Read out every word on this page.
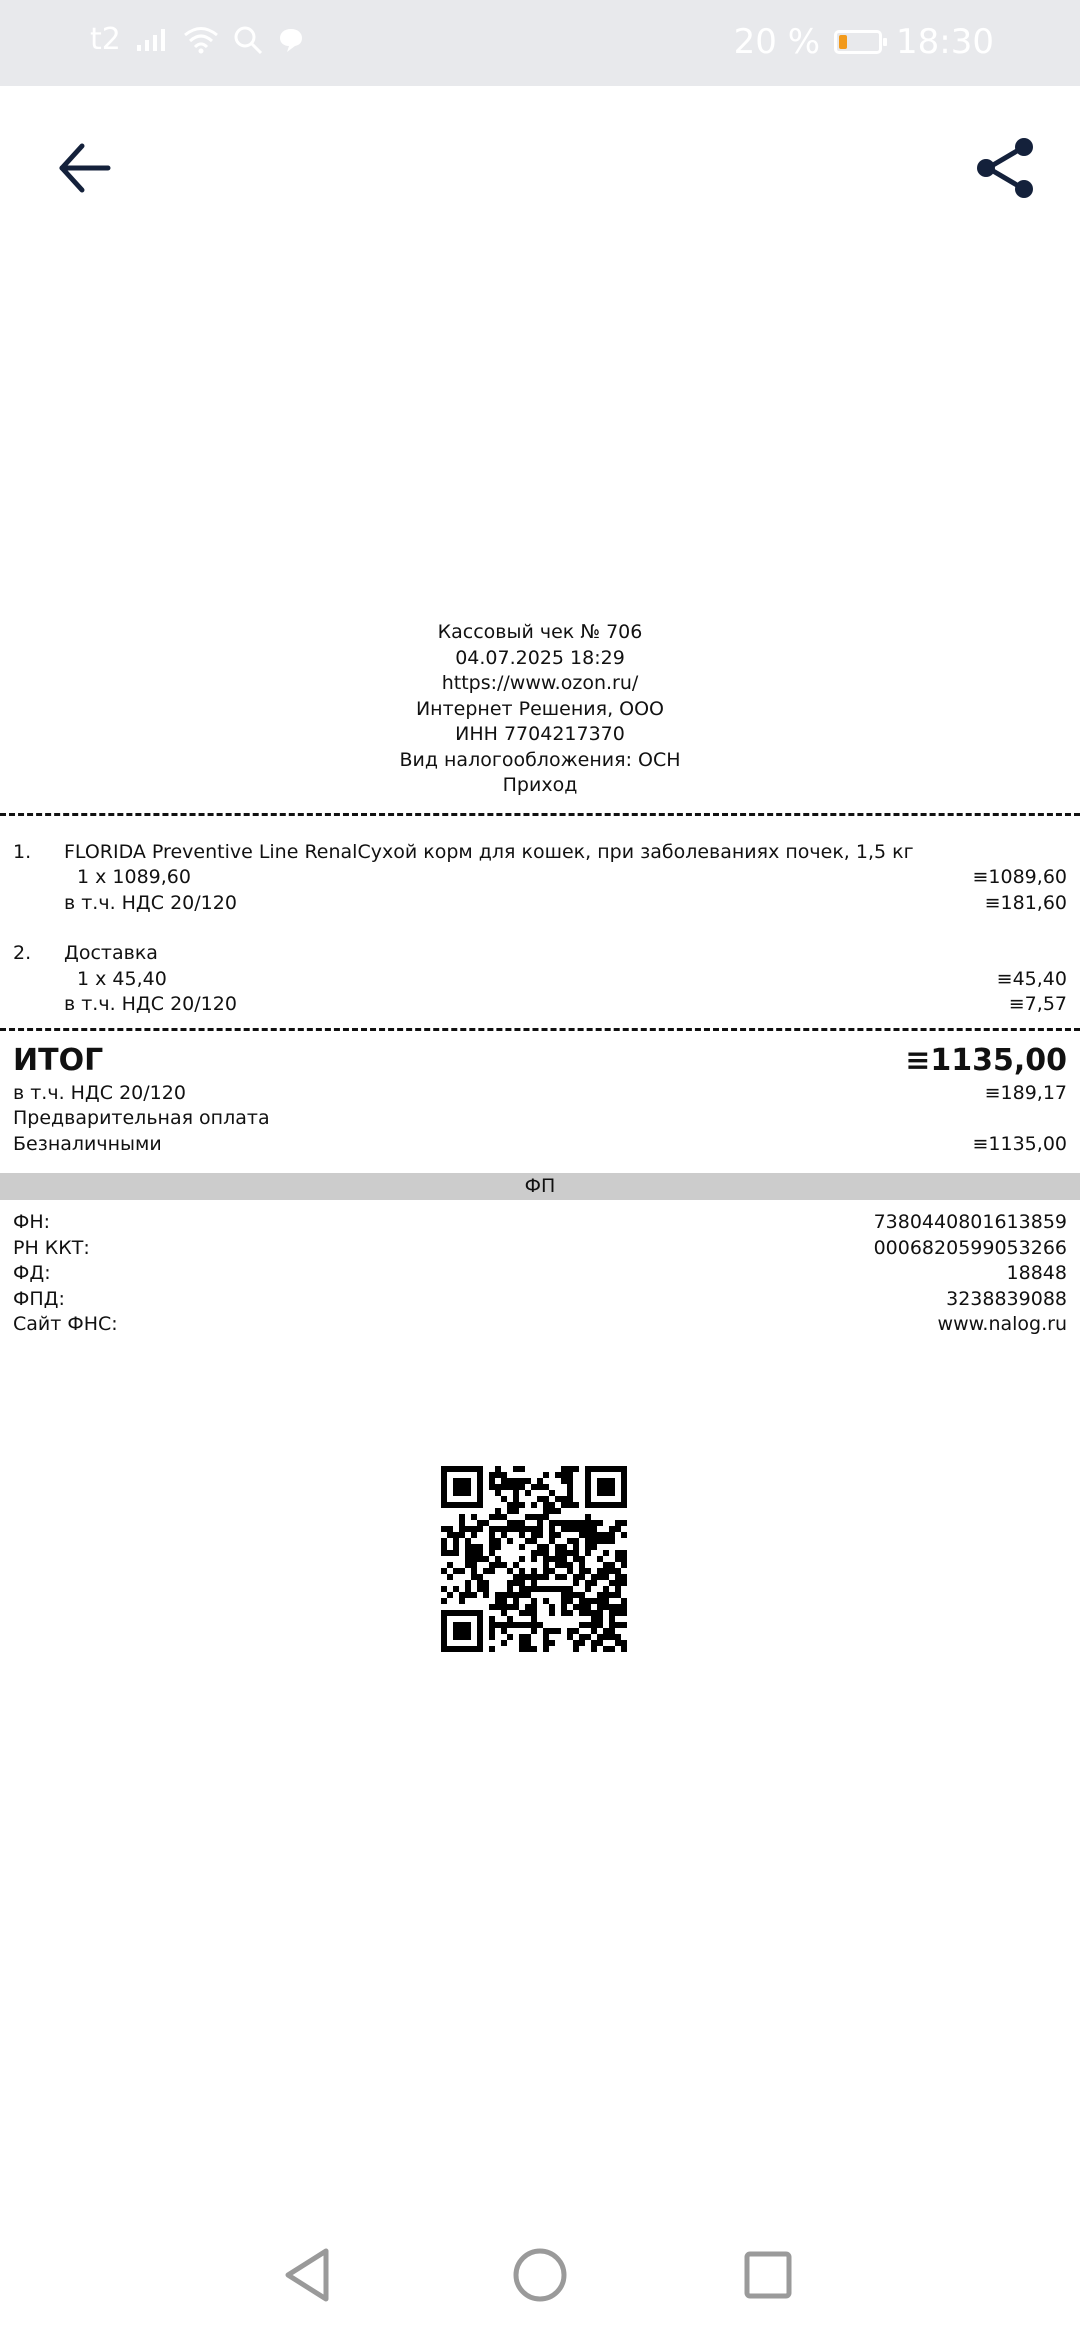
t2	20 % 18:30
Кассовый чек № 706
04.07.2025 18:29
https://www.ozon.ru/
Интернет Решения, ООО
ИНН 7704217370
Вид налогообложения: ОСН
Приход
1.	FLORIDA Preventive Line RenalСухой корм для кошек, при заболеваниях почек, 1,5 кг
1 x 1089,60	≡1089,60
в т.ч. НДС 20/120	≡181,60
2.	Доставка
1 x 45,40	≡45,40
в т.ч. НДС 20/120	≡7,57
ИТОГ	≡1135,00
в т.ч. НДС 20/120	≡189,17
Предварительная оплата
Безналичными	≡1135,00
ФП
ФН:	7380440801613859
РН ККТ:	0006820599053266
ФД:	18848
ФПД:	3238839088
Сайт ФНС:	www.nalog.ru
